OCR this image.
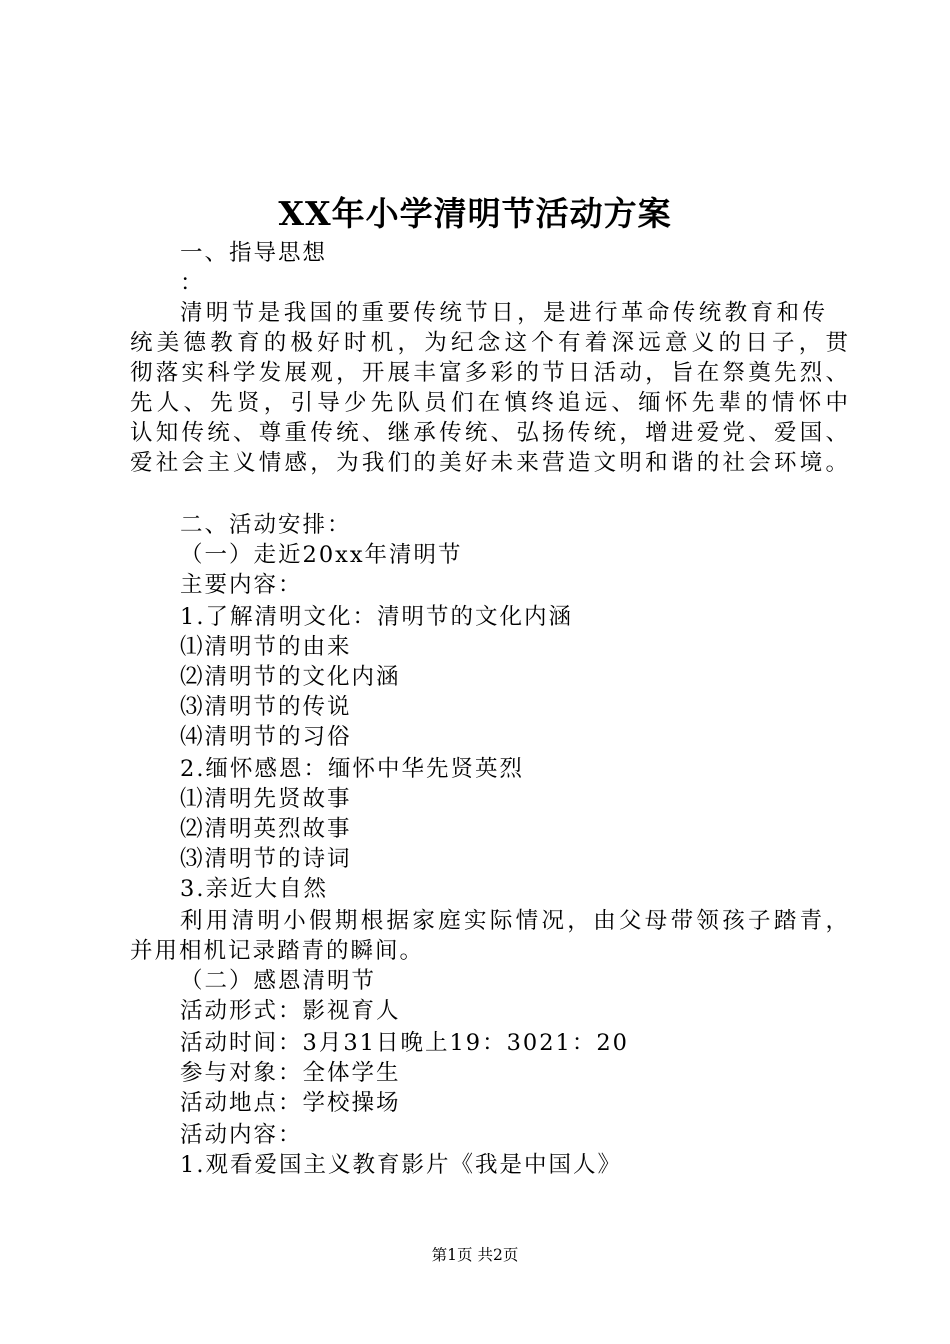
XX年小学清明节活动方案
一、指导思想
：
清明节是我国的重要传统节日，是进行革命传统教育和传
统美德教育的极好时机，为纪念这个有着深远意义的日子，贯
彻落实科学发展观，开展丰富多彩的节日活动，旨在祭奠先烈、
先人、先贤，引导少先队员们在慎终追远、缅怀先辈的情怀中
认知传统、尊重传统、继承传统、弘扬传统，增进爱党、爱国、
爱社会主义情感，为我们的美好未来营造文明和谐的社会环境。
二、活动安排：
（一）走近20xx年清明节
主要内容：
1.了解清明文化：清明节的文化内涵
⑴清明节的由来
⑵清明节的文化内涵
⑶清明节的传说
⑷清明节的习俗
2.缅怀感恩：缅怀中华先贤英烈
⑴清明先贤故事
⑵清明英烈故事
⑶清明节的诗词
3.亲近大自然
利用清明小假期根据家庭实际情况，由父母带领孩子踏青，
并用相机记录踏青的瞬间。
（二）感恩清明节
活动形式：影视育人
活动时间：3月31日晚上19：3021：20
参与对象：全体学生
活动地点：学校操场
活动内容：
1.观看爱国主义教育影片《我是中国人》
第1页 共2页
